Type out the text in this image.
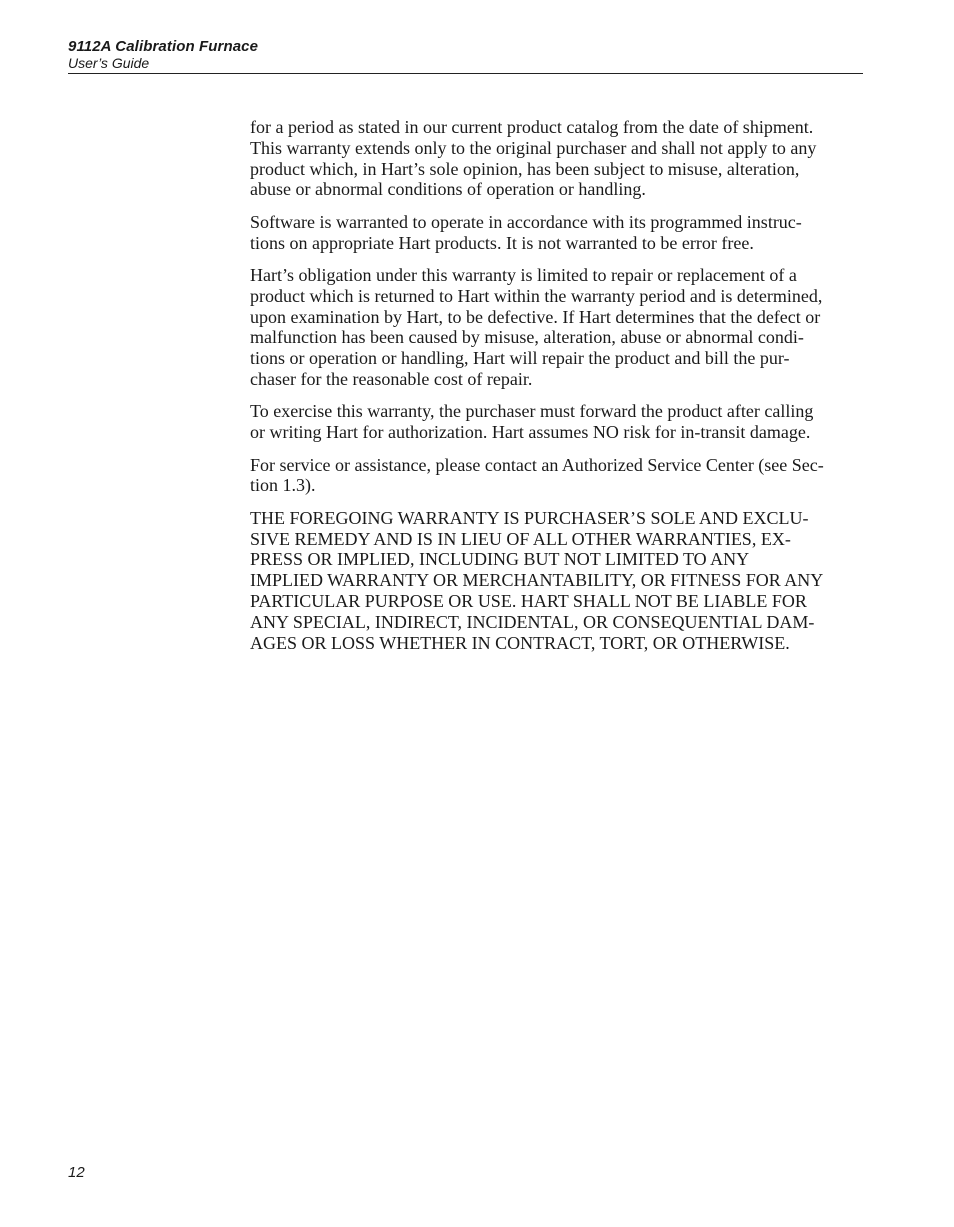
9112A Calibration Furnace
User’s Guide

for a period as stated in our current product catalog from the date of shipment.
This warranty extends only to the original purchaser and shall not apply to any
product which, in Hart’s sole opinion, has been subject to misuse, alteration,
abuse or abnormal conditions of operation or handling.

Software is warranted to operate in accordance with its programmed instruc-
tions on appropriate Hart products. It is not warranted to be error free.

Hart’s obligation under this warranty is limited to repair or replacement of a
product which is returned to Hart within the warranty period and is determined,
upon examination by Hart, to be defective. If Hart determines that the defect or
malfunction has been caused by misuse, alteration, abuse or abnormal condi-
tions or operation or handling, Hart will repair the product and bill the pur-
chaser for the reasonable cost of repair.

To exercise this warranty, the purchaser must forward the product after calling
or writing Hart for authorization. Hart assumes NO risk for in-transit damage.

For service or assistance, please contact an Authorized Service Center (see Sec-
tion 1.3).

THE FOREGOING WARRANTY IS PURCHASER’S SOLE AND EXCLU-
SIVE REMEDY AND IS IN LIEU OF ALL OTHER WARRANTIES, EX-
PRESS OR IMPLIED, INCLUDING BUT NOT LIMITED TO ANY
IMPLIED WARRANTY OR MERCHANTABILITY, OR FITNESS FOR ANY
PARTICULAR PURPOSE OR USE. HART SHALL NOT BE LIABLE FOR
ANY SPECIAL, INDIRECT, INCIDENTAL, OR CONSEQUENTIAL DAM-
AGES OR LOSS WHETHER IN CONTRACT, TORT, OR OTHERWISE.

12
